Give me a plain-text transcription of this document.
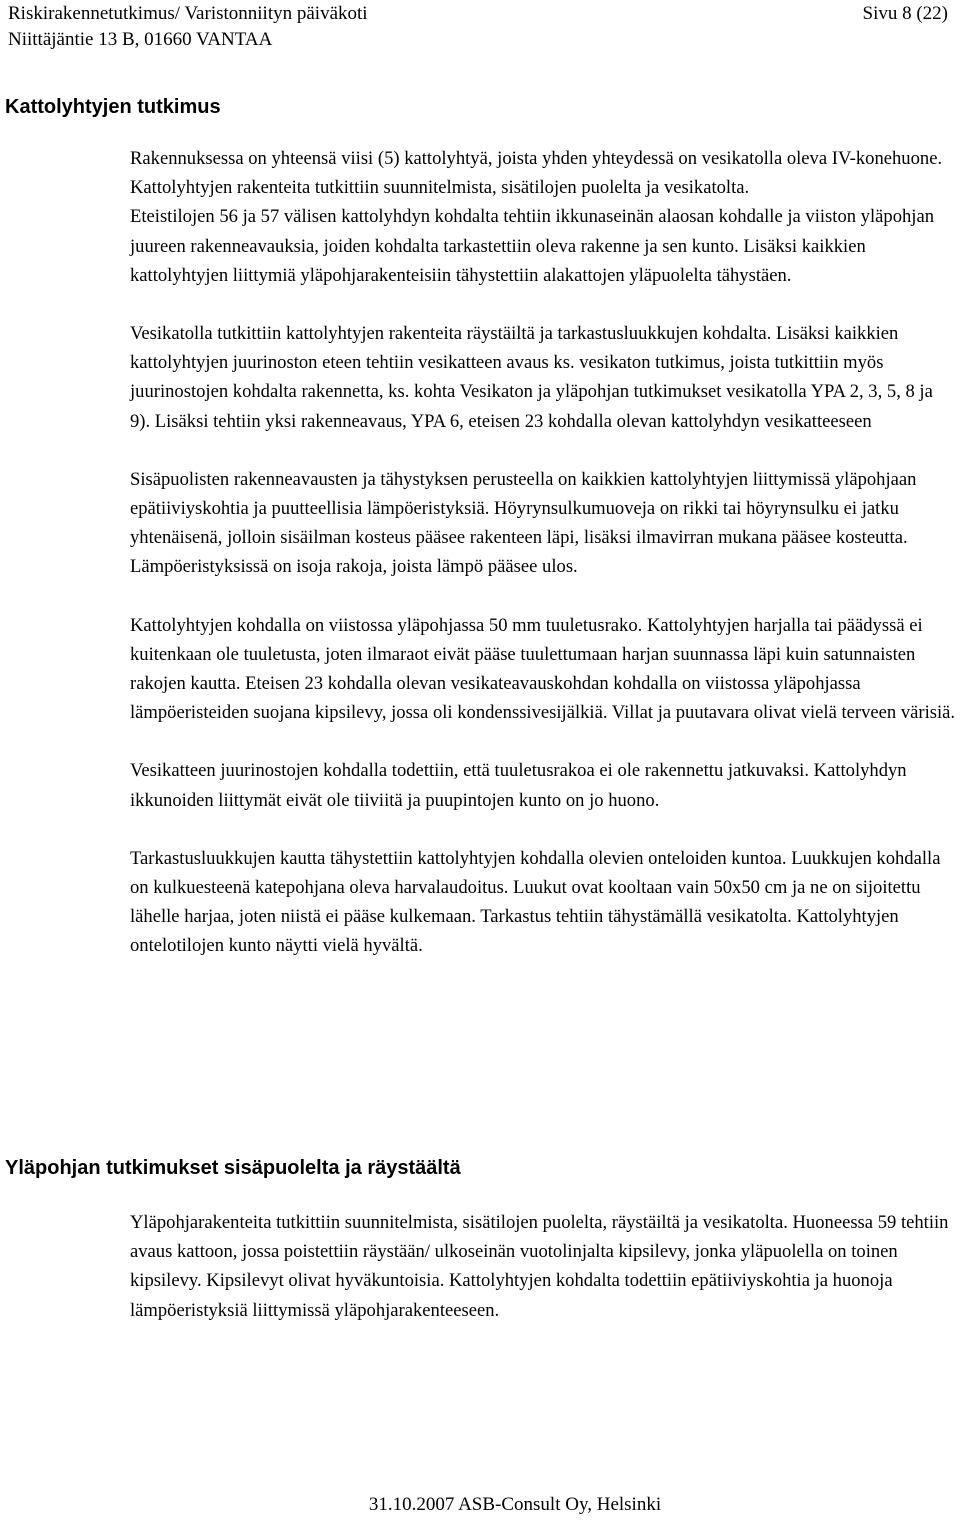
Riskirakennetutkimus/ Varistonniityn päiväkoti
Niittäjäntie 13 B, 01660 VANTAA
Sivu 8 (22)
Kattolyhtyjen tutkimus

Rakennuksessa on yhteensä viisi (5) kattolyhtyä, joista yhden yhteydessä on vesikatolla oleva IV-konehuone. Kattolyhtyjen rakenteita tutkittiin suunnitelmista, sisätilojen puolelta ja vesikatolta.

Eteistilojen 56 ja 57 välisen kattolyhdyn kohdalta tehtiin ikkunaseinän alaosan kohdalle ja viiston yläpohjan juureen rakenneavauksia, joiden kohdalta tarkastettiin oleva rakenne ja sen kunto. Lisäksi kaikkien kattolyhtyjen liittymiä yläpohjarakenteisiin tähystettiin alakattojen yläpuolelta tähystäen.

Vesikatolla tutkittiin kattolyhtyjen rakenteita räystäiltä ja tarkastusluukkujen kohdalta. Lisäksi kaikkien kattolyhtyjen juurinoston eteen tehtiin vesikatteen avaus ks. vesikaton tutkimus, joista tutkittiin myös juurinostojen kohdalta rakennetta, ks. kohta Vesikaton ja yläpohjan tutkimukset vesikatolla YPA 2, 3, 5, 8 ja 9). Lisäksi tehtiin yksi rakenneavaus, YPA 6, eteisen 23 kohdalla olevan kattolyhdyn vesikatteeseen

Sisäpuolisten rakenneavausten ja tähystyksen perusteella on kaikkien kattolyhtyjen liittymissä yläpohjaan epätiiviyskohtia ja puutteellisia lämpöeristyksiä. Höyrynsulkumuoveja on rikki tai höyrynsulku ei jatku yhtenäisenä, jolloin sisäilman kosteus pääsee rakenteen läpi, lisäksi ilmavirran mukana pääsee kosteutta. Lämpöeristyksissä on isoja rakoja, joista lämpö pääsee ulos.

Kattolyhtyjen kohdalla on viistossa yläpohjassa 50 mm tuuletusrako. Kattolyhtyjen harjalla tai päädyssä ei kuitenkaan ole tuuletusta, joten ilmaraot eivät pääse tuulettumaan harjan suunnassa läpi kuin satunnaisten rakojen kautta. Eteisen 23 kohdalla olevan vesikateavauskohdan kohdalla on viistossa yläpohjassa lämpöeristeiden suojana kipsilevy, jossa oli kondenssivesijälkiä. Villat ja puutavara olivat vielä terveen värisiä.

Vesikatteen juurinostojen kohdalla todettiin, että tuuletusrakoa ei ole rakennettu jatkuvaksi. Kattolyhdyn ikkunoiden liittymät eivät ole tiiviitä ja puupintojen kunto on jo huono.

Tarkastusluukkujen kautta tähystettiin kattolyhtyjen kohdalla olevien onteloiden kuntoa. Luukkujen kohdalla on kulkuesteenä katepohjana oleva harvalaudoitus. Luukut ovat kooltaan vain 50x50 cm ja ne on sijoitettu lähelle harjaa, joten niistä ei pääse kulkemaan. Tarkastus tehtiin tähystämällä vesikatolta. Kattolyhtyjen ontelotilojen kunto näytti vielä hyvältä.

Yläpohjan tutkimukset sisäpuolelta ja räystäältä

Yläpohjarakenteita tutkittiin suunnitelmista, sisätilojen puolelta, räystäiltä ja vesikatolta. Huoneessa 59 tehtiin avaus kattoon, jossa poistettiin räystään/ ulkoseinän vuotolinjalta kipsilevy, jonka yläpuolella on toinen kipsilevy. Kipsilevyt olivat hyväkuntoisia. Kattolyhtyjen kohdalta todettiin epätiiviyskohtia ja huonoja lämpöeristyksiä liittymissä yläpohjarakenteeseen.

31.10.2007 ASB-Consult Oy, Helsinki
